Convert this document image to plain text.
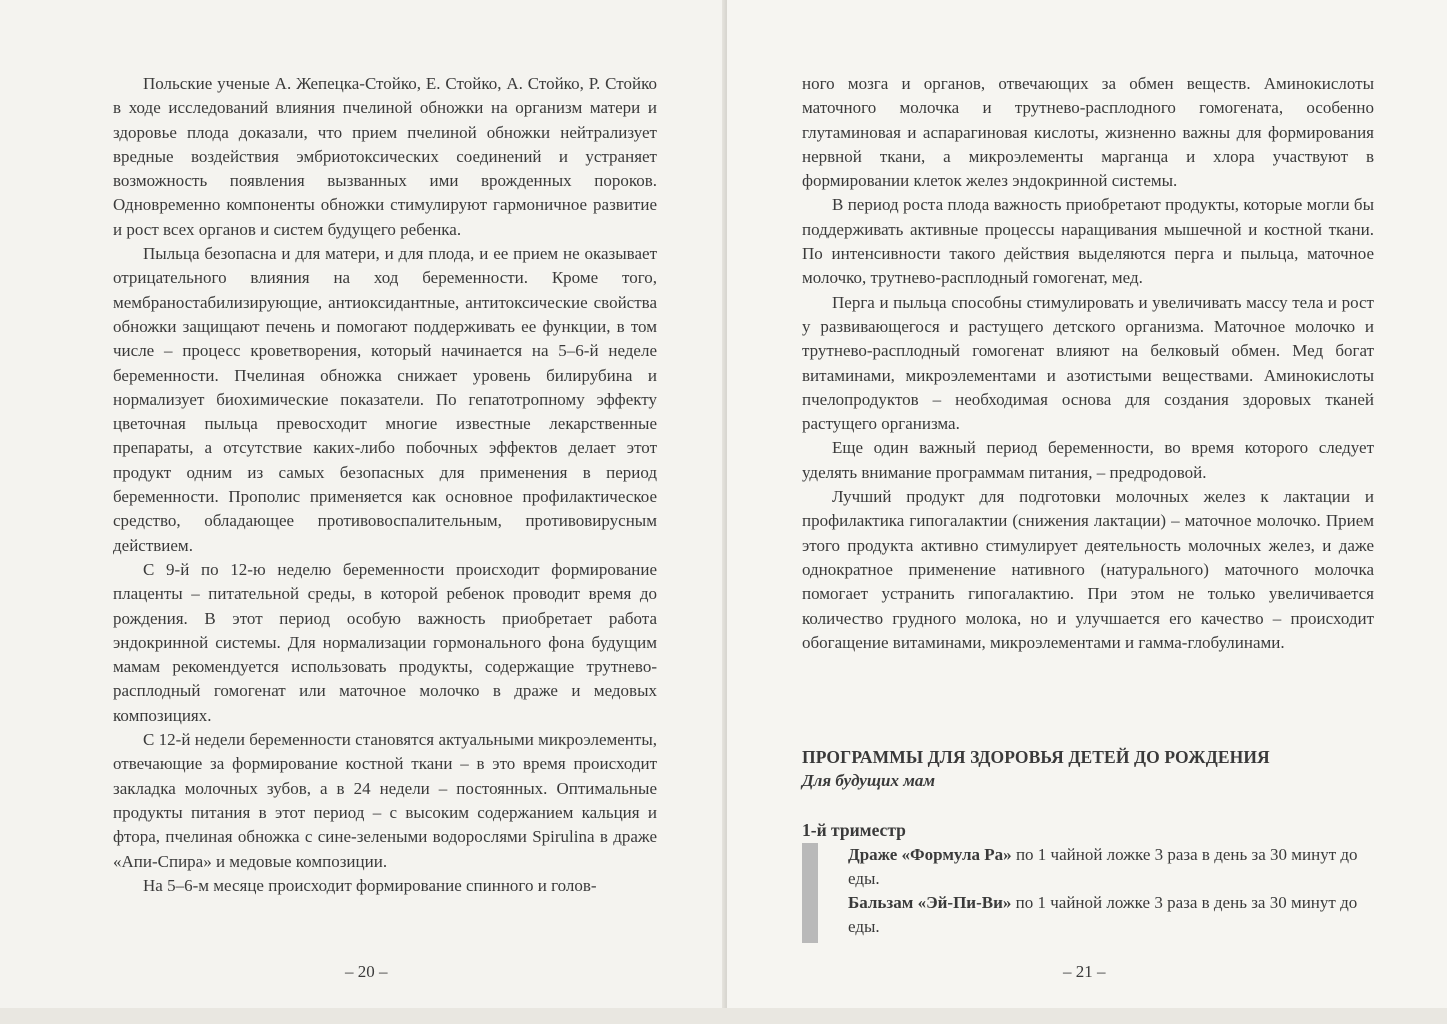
Польские ученые А. Жепецка-Стойко, Е. Стойко, А. Стойко, Р. Стойко в ходе исследований влияния пчелиной обножки на организм матери и здоровье плода доказали, что прием пчелиной обножки нейтрализует вредные воздействия эмбриотоксических соединений и устраняет возможность появления вызванных ими врожденных пороков. Одновременно компоненты обножки стимулируют гармоничное развитие и рост всех органов и систем будущего ребенка.

Пыльца безопасна и для матери, и для плода, и ее прием не оказывает отрицательного влияния на ход беременности. Кроме того, мембраностабилизирующие, антиоксидантные, антитоксические свойства обножки защищают печень и помогают поддерживать ее функции, в том числе – процесс кроветворения, который начинается на 5–6-й неделе беременности. Пчелиная обножка снижает уровень билирубина и нормализует биохимические показатели. По гепатотропному эффекту цветочная пыльца превосходит многие известные лекарственные препараты, а отсутствие каких-либо побочных эффектов делает этот продукт одним из самых безопасных для применения в период беременности. Прополис применяется как основное профилактическое средство, обладающее противовоспалительным, противовирусным действием.

С 9-й по 12-ю неделю беременности происходит формирование плаценты – питательной среды, в которой ребенок проводит время до рождения. В этот период особую важность приобретает работа эндокринной системы. Для нормализации гормонального фона будущим мамам рекомендуется использовать продукты, содержащие трутнево-расплодный гомогенат или маточное молочко в драже и медовых композициях.

С 12-й недели беременности становятся актуальными микроэлементы, отвечающие за формирование костной ткани – в это время происходит закладка молочных зубов, а в 24 недели – постоянных. Оптимальные продукты питания в этот период – с высоким содержанием кальция и фтора, пчелиная обножка с сине-зелеными водорослями Spirulina в драже «Апи-Спира» и медовые композиции.

На 5–6-м месяце происходит формирование спинного и голов-

– 20 –

ного мозга и органов, отвечающих за обмен веществ. Аминокислоты маточного молочка и трутнево-расплодного гомогената, особенно глутаминовая и аспарагиновая кислоты, жизненно важны для формирования нервной ткани, а микроэлементы марганца и хлора участвуют в формировании клеток желез эндокринной системы.

В период роста плода важность приобретают продукты, которые могли бы поддерживать активные процессы наращивания мышечной и костной ткани. По интенсивности такого действия выделяются перга и пыльца, маточное молочко, трутнево-расплодный гомогенат, мед.

Перга и пыльца способны стимулировать и увеличивать массу тела и рост у развивающегося и растущего детского организма. Маточное молочко и трутнево-расплодный гомогенат влияют на белковый обмен. Мед богат витаминами, микроэлементами и азотистыми веществами. Аминокислоты пчелопродуктов – необходимая основа для создания здоровых тканей растущего организма.

Еще один важный период беременности, во время которого следует уделять внимание программам питания, – предродовой.

Лучший продукт для подготовки молочных желез к лактации и профилактика гипогалактии (снижения лактации) – маточное молочко. Прием этого продукта активно стимулирует деятельность молочных желез, и даже однократное применение нативного (натурального) маточного молочка помогает устранить гипогалактию. При этом не только увеличивается количество грудного молока, но и улучшается его качество – происходит обогащение витаминами, микроэлементами и гамма-глобулинами.

ПРОГРАММЫ ДЛЯ ЗДОРОВЬЯ ДЕТЕЙ ДО РОЖДЕНИЯ
Для будущих мам
1-й триместр

Драже «Формула Ра» по 1 чайной ложке 3 раза в день за 30 минут до еды.

Бальзам «Эй-Пи-Ви» по 1 чайной ложке 3 раза в день за 30 минут до еды.

– 21 –
